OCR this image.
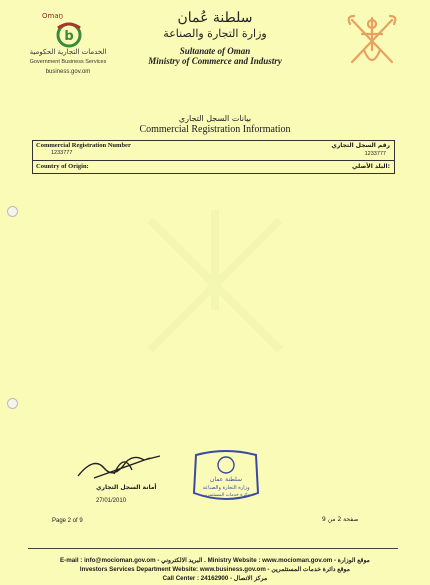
Omaṉ
b
الخدمات التجارية الحكومية
Government Business Services
business.gov.om
سلطنة عُمان
وزارة التجارة والصناعة
Sultanate of Oman
Ministry of Commerce and Industry
بيانات السجل التجاري
Commercial Registration Information
Commercial Registration Number
1233777
رقم السجل التجاري
1233777
Country of Origin:	البلد الأصلي:
أمانة السجل التجاري
27/01/2010
سلطنة عمان
وزارة التجارة والصناعة
دائرة خدمات المستثمرين
Page 2 of 9	صفحة 2 من 9
E-mail : info@mocioman.gov.om - البريد الالكتروني . Ministry Website : www.mocioman.gov.om - موقع الوزارة
Investors Services Department Website: www.business.gov.om - موقع دائرة خدمات المستثمرين
Call Center : 24162900 - مركز الاتصال
